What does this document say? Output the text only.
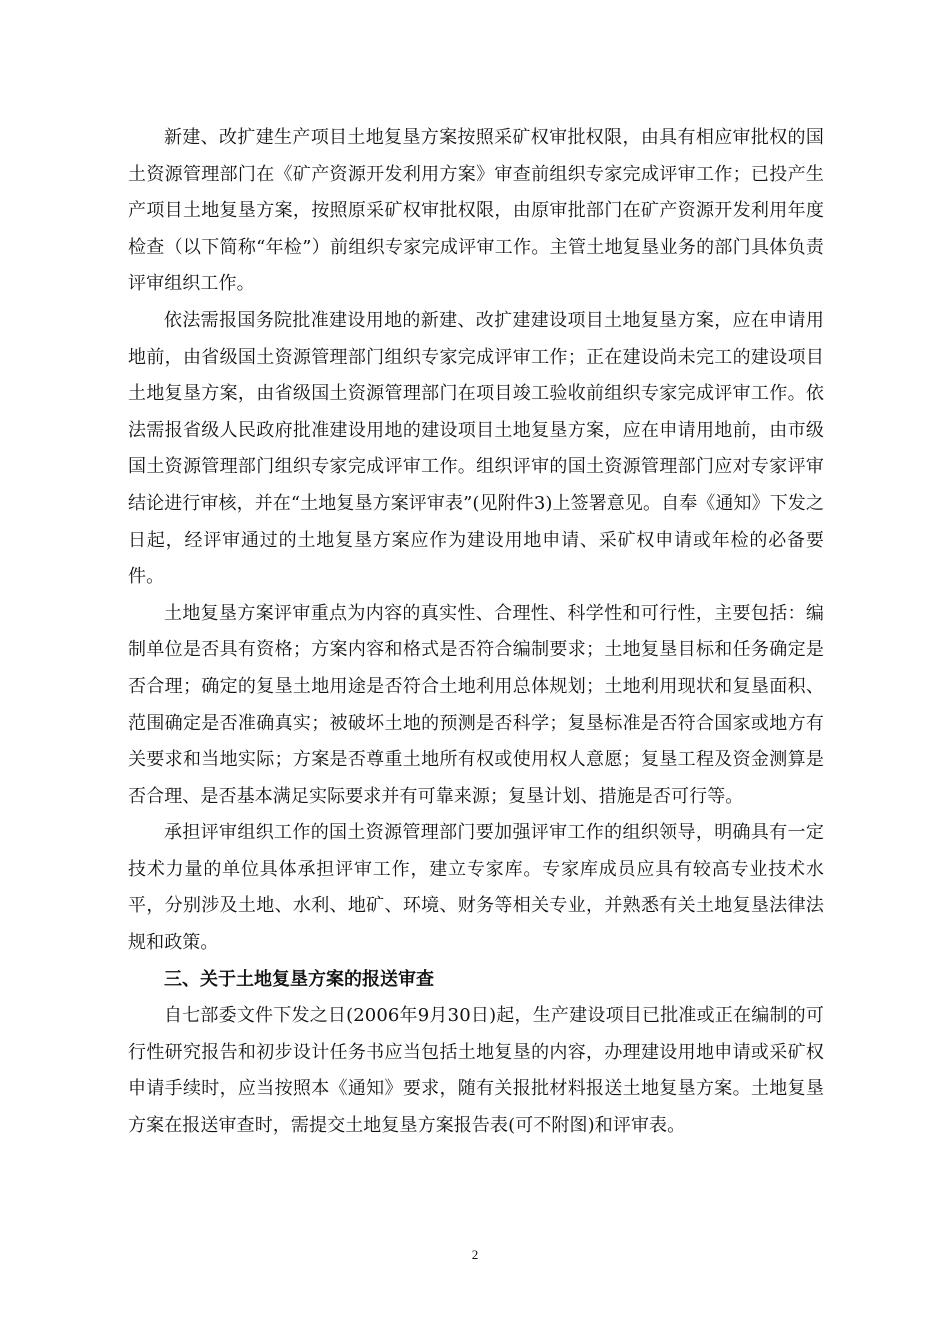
新建、改扩建生产项目土地复垦方案按照采矿权审批权限，由具有相应审批权的国土资源管理部门在《矿产资源开发利用方案》审查前组织专家完成评审工作；已投产生产项目土地复垦方案，按照原采矿权审批权限，由原审批部门在矿产资源开发利用年度检查（以下简称“年检”）前组织专家完成评审工作。主管土地复垦业务的部门具体负责评审组织工作。

依法需报国务院批准建设用地的新建、改扩建建设项目土地复垦方案，应在申请用地前，由省级国土资源管理部门组织专家完成评审工作；正在建设尚未完工的建设项目土地复垦方案，由省级国土资源管理部门在项目竣工验收前组织专家完成评审工作。依法需报省级人民政府批准建设用地的建设项目土地复垦方案，应在申请用地前，由市级国土资源管理部门组织专家完成评审工作。组织评审的国土资源管理部门应对专家评审结论进行审核，并在“土地复垦方案评审表”(见附件3)上签署意见。自奉《通知》下发之日起，经评审通过的土地复垦方案应作为建设用地申请、采矿权申请或年检的必备要件。

土地复垦方案评审重点为内容的真实性、合理性、科学性和可行性，主要包括：编制单位是否具有资格；方案内容和格式是否符合编制要求；土地复垦目标和任务确定是否合理；确定的复垦土地用途是否符合土地利用总体规划；土地利用现状和复垦面积、范围确定是否准确真实；被破坏土地的预测是否科学；复垦标准是否符合国家或地方有关要求和当地实际；方案是否尊重土地所有权或使用权人意愿；复垦工程及资金测算是否合理、是否基本满足实际要求并有可靠来源；复垦计划、措施是否可行等。

承担评审组织工作的国土资源管理部门要加强评审工作的组织领导，明确具有一定技术力量的单位具体承担评审工作，建立专家库。专家库成员应具有较高专业技术水平，分别涉及土地、水利、地矿、环境、财务等相关专业，并熟悉有关土地复垦法律法规和政策。

三、关于土地复垦方案的报送审查

自七部委文件下发之日(2006年9月30日)起，生产建设项目已批准或正在编制的可行性研究报告和初步设计任务书应当包括土地复垦的内容，办理建设用地申请或采矿权申请手续时，应当按照本《通知》要求，随有关报批材料报送土地复垦方案。土地复垦方案在报送审查时，需提交土地复垦方案报告表(可不附图)和评审表。

2
